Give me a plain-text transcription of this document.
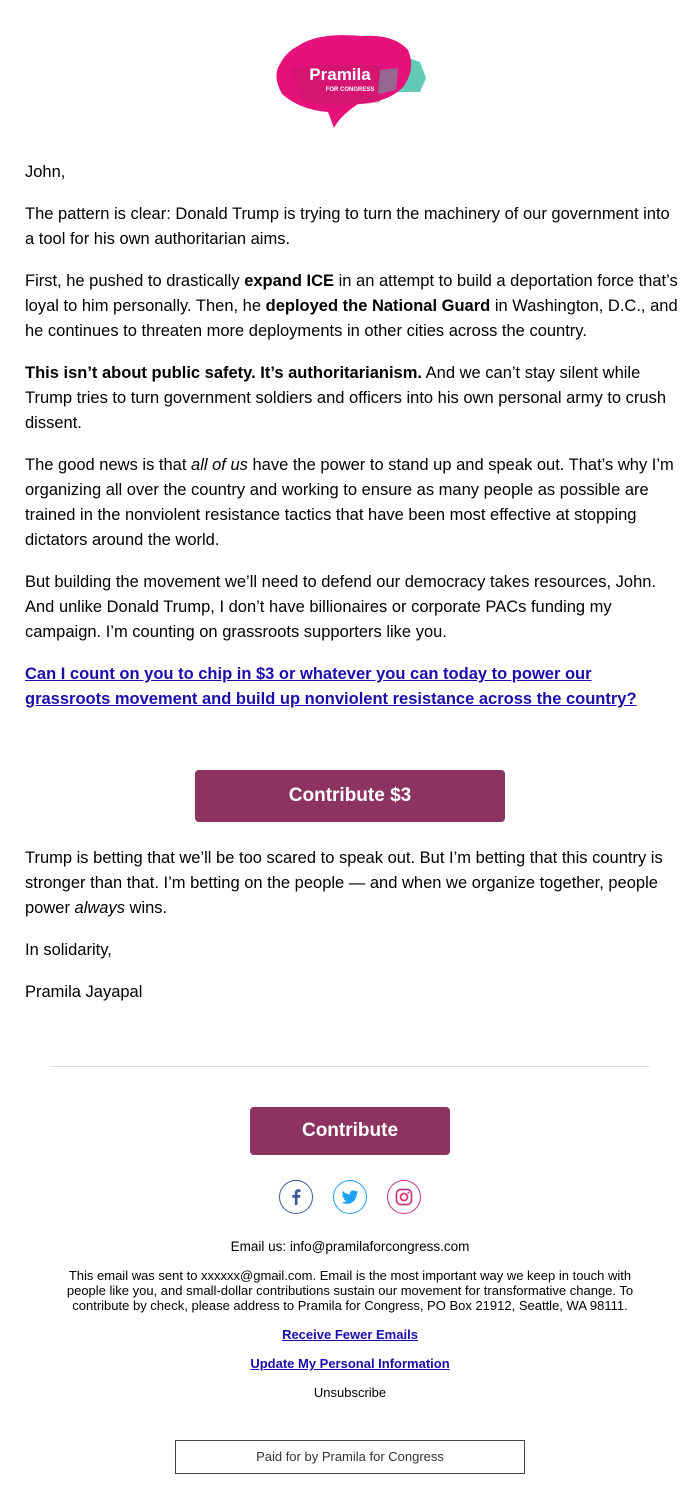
Pramila
FOR CONGRESS

John,

The pattern is clear: Donald Trump is trying to turn the machinery of our government into a tool for his own authoritarian aims.

First, he pushed to drastically expand ICE in an attempt to build a deportation force that’s loyal to him personally. Then, he deployed the National Guard in Washington, D.C., and he continues to threaten more deployments in other cities across the country.

This isn’t about public safety. It’s authoritarianism. And we can’t stay silent while Trump tries to turn government soldiers and officers into his own personal army to crush dissent.

The good news is that all of us have the power to stand up and speak out. That’s why I’m organizing all over the country and working to ensure as many people as possible are trained in the nonviolent resistance tactics that have been most effective at stopping dictators around the world.

But building the movement we’ll need to defend our democracy takes resources, John. And unlike Donald Trump, I don’t have billionaires or corporate PACs funding my campaign. I’m counting on grassroots supporters like you.

Can I count on you to chip in $3 or whatever you can today to power our grassroots movement and build up nonviolent resistance across the country?

Contribute $3

Trump is betting that we’ll be too scared to speak out. But I’m betting that this country is stronger than that. I’m betting on the people — and when we organize together, people power always wins.

In solidarity,

Pramila Jayapal

Contribute
Email us: info@pramilaforcongress.com
This email was sent to xxxxxx@gmail.com. Email is the most important way we keep in touch with people like you, and small-dollar contributions sustain our movement for transformative change. To contribute by check, please address to Pramila for Congress, PO Box 21912, Seattle, WA 98111.
Receive Fewer Emails
Update My Personal Information
Unsubscribe
Paid for by Pramila for Congress
